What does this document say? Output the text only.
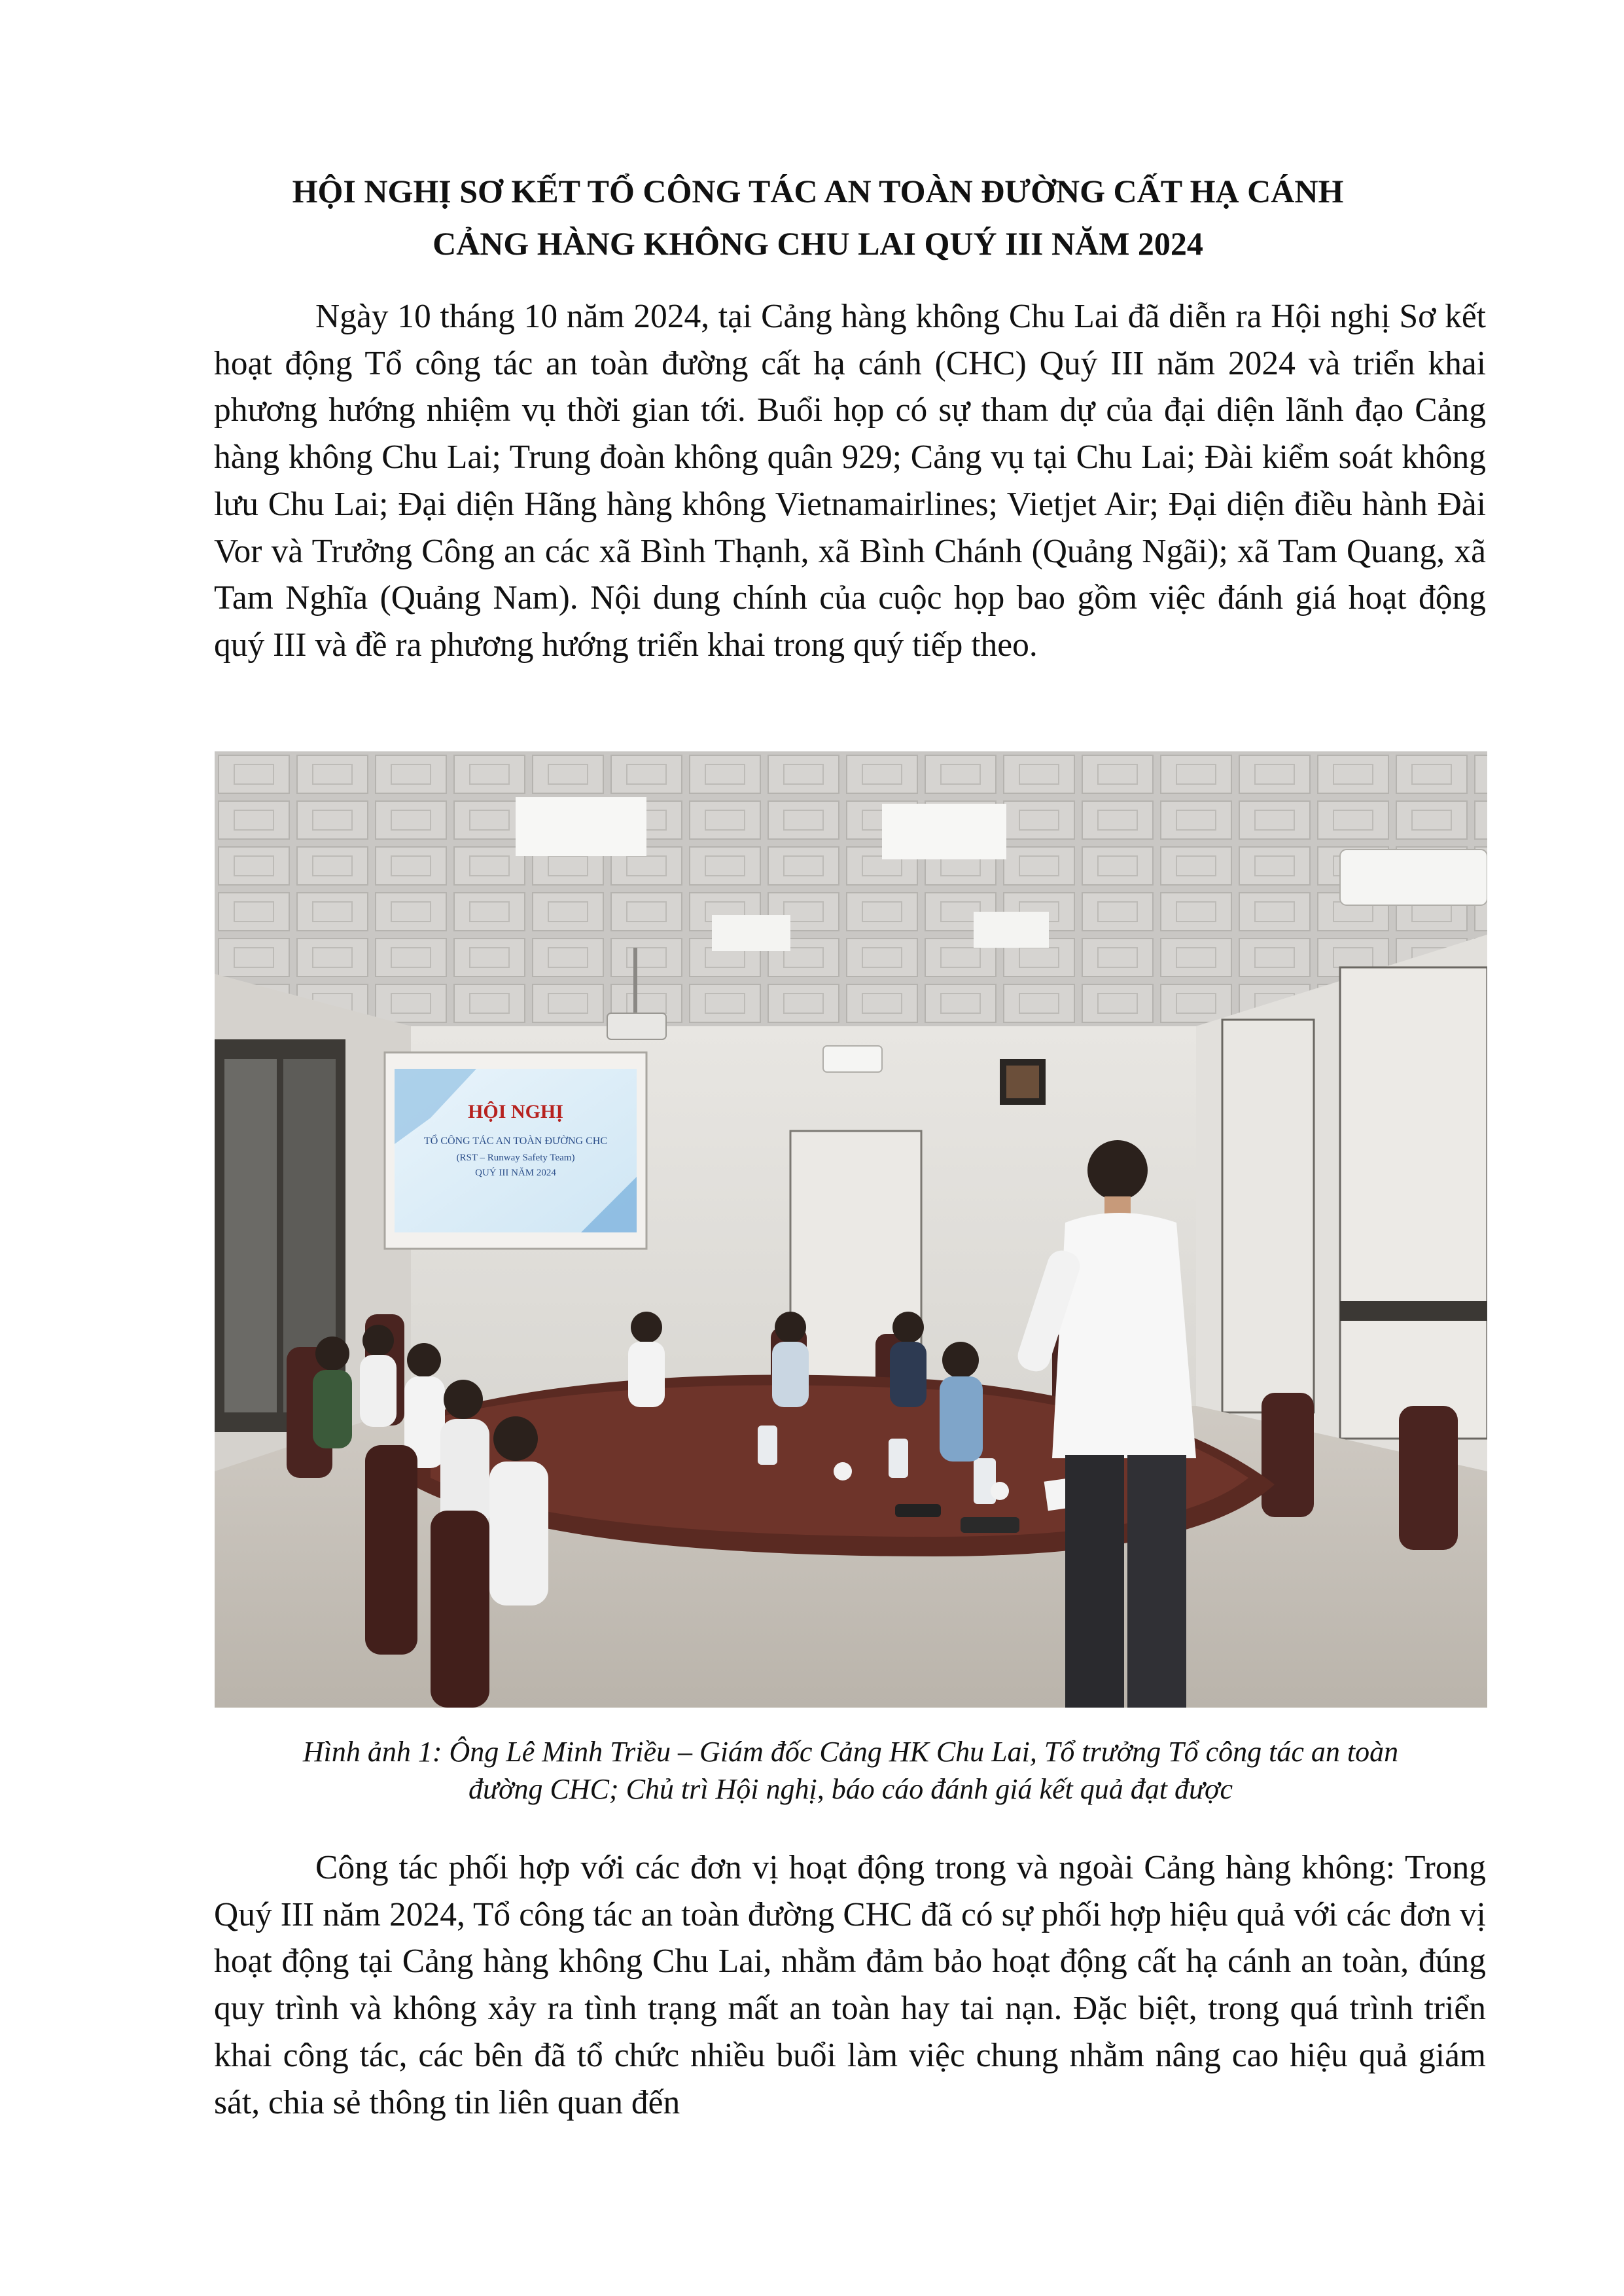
HỘI NGHỊ SƠ KẾT TỔ CÔNG TÁC AN TOÀN ĐƯỜNG CẤT HẠ CÁNH
CẢNG HÀNG KHÔNG CHU LAI QUÝ III NĂM 2024

Ngày 10 tháng 10 năm 2024, tại Cảng hàng không Chu Lai đã diễn ra Hội nghị Sơ kết hoạt động Tổ công tác an toàn đường cất hạ cánh (CHC) Quý III năm 2024 và triển khai phương hướng nhiệm vụ thời gian tới. Buổi họp có sự tham dự của đại diện lãnh đạo Cảng hàng không Chu Lai; Trung đoàn không quân 929; Cảng vụ tại Chu Lai; Đài kiểm soát không lưu Chu Lai; Đại diện Hãng hàng không Vietnamairlines; Vietjet Air; Đại diện điều hành Đài Vor và Trưởng Công an các xã Bình Thạnh, xã Bình Chánh (Quảng Ngãi); xã Tam Quang, xã Tam Nghĩa (Quảng Nam). Nội dung chính của cuộc họp bao gồm việc đánh giá hoạt động quý III và đề ra phương hướng triển khai trong quý tiếp theo.

HỘI NGHỊ
TỔ CÔNG TÁC AN TOÀN ĐƯỜNG CHC
(RST – Runway Safety Team)
QUÝ III NĂM 2024

Hình ảnh 1: Ông Lê Minh Triều – Giám đốc Cảng HK Chu Lai, Tổ trưởng Tổ công tác an toàn
đường CHC; Chủ trì Hội nghị, báo cáo đánh giá kết quả đạt được

Công tác phối hợp với các đơn vị hoạt động trong và ngoài Cảng hàng không: Trong Quý III năm 2024, Tổ công tác an toàn đường CHC đã có sự phối hợp hiệu quả với các đơn vị hoạt động tại Cảng hàng không Chu Lai, nhằm đảm bảo hoạt động cất hạ cánh an toàn, đúng quy trình và không xảy ra tình trạng mất an toàn hay tai nạn. Đặc biệt, trong quá trình triển khai công tác, các bên đã tổ chức nhiều buổi làm việc chung nhằm nâng cao hiệu quả giám sát, chia sẻ thông tin liên quan đến
